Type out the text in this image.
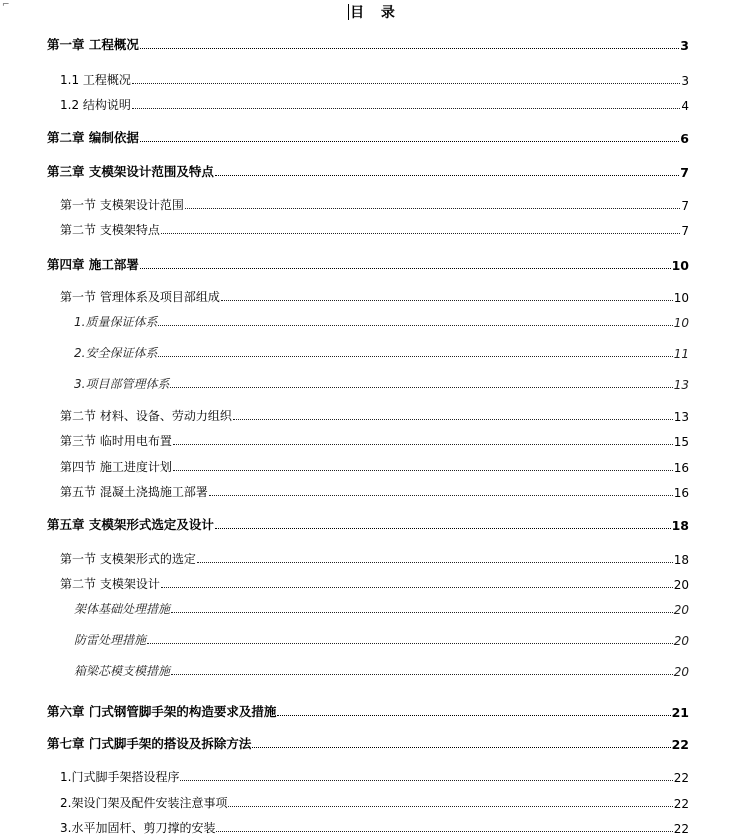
⌐	目 录
第一章 工程概况	3
1.1 工程概况	3
1.2 结构说明	4
第二章 编制依据	6
第三章 支模架设计范围及特点	7
第一节 支模架设计范围	7
第二节 支模架特点	7
第四章 施工部署	10
第一节 管理体系及项目部组成	10
1.质量保证体系	10
2.安全保证体系	11
3.项目部管理体系	13
第二节 材料、设备、劳动力组织	13
第三节 临时用电布置	15
第四节 施工进度计划	16
第五节 混凝土浇捣施工部署	16
第五章 支模架形式选定及设计	18
第一节 支模架形式的选定	18
第二节 支模架设计	20
架体基础处理措施	20
防雷处理措施	20
箱梁芯模支模措施	20
第六章 门式钢管脚手架的构造要求及措施	21
第七章 门式脚手架的搭设及拆除方法	22
1.门式脚手架搭设程序	22
2.架设门架及配件安装注意事项	22
3.水平加固杆、剪刀撑的安装	22
